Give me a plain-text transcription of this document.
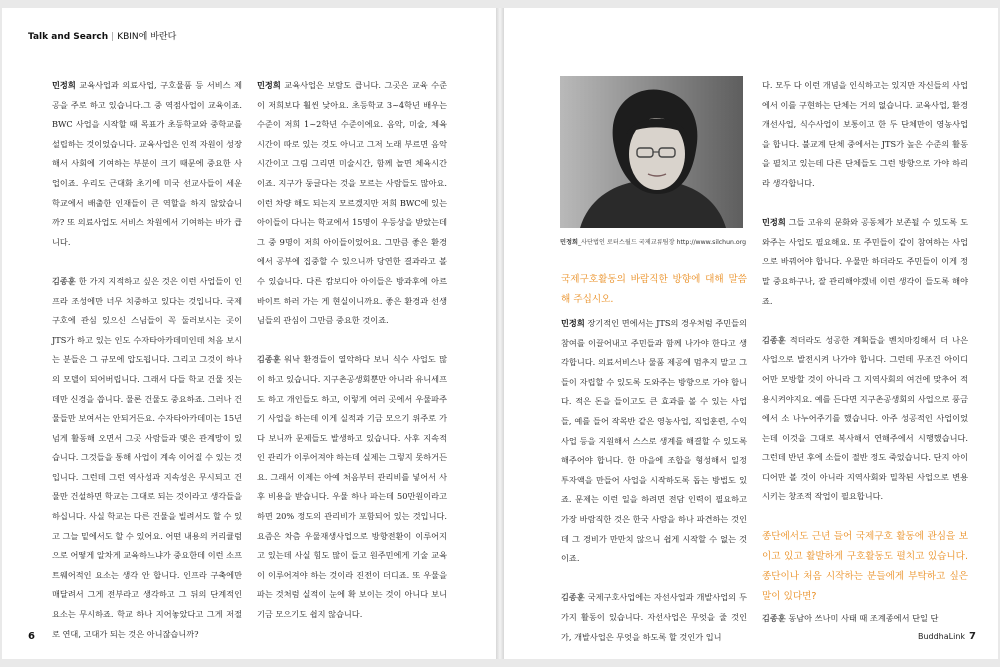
Talk and Search | KBIN에 바란다

민정희 교육사업과 의료사업, 구호물품 등 서비스 제공을 주로 하고 있습니다.그 중 역점사업이 교육이죠. BWC 사업을 시작할 때 목표가 초등학교와 중학교를 설립하는 것이었습니다. 교육사업은 인적 자원이 성장해서 사회에 기여하는 부분이 크기 때문에 중요한 사업이죠. 우리도 근대화 초기에 미국 선교사들이 세운 학교에서 배출한 인재들이 큰 역할을 하지 않았습니까? 또 의료사업도 서비스 차원에서 기여하는 바가 큽니다.

김종훈 한 가지 지적하고 싶은 것은 이런 사업들이 인프라 조성에만 너무 치중하고 있다는 것입니다. 국제구호에 관심 있으신 스님들이 꼭 둘러보시는 곳이 JTS가 하고 있는 인도 수자타아카데미인데 처음 보시는 분들은 그 규모에 압도됩니다. 그리고 그것이 하나의 모델이 되어버립니다. 그래서 다들 학교 건물 짓는 데만 신경을 씁니다. 물론 건물도 중요하죠. 그러나 건물들만 보여서는 안되거든요. 수자타아카데미는 15년 넘게 활동해 오면서 그곳 사람들과 맺은 관계망이 있습니다. 그것들을 통해 사업이 계속 이어질 수 있는 것입니다. 그런데 그런 역사성과 지속성은 무시되고 건물만 건설하면 학교는 그대로 되는 것이라고 생각들을 하십니다. 사실 학교는 다른 건물을 빌려서도 할 수 있고 그늘 밑에서도 할 수 있어요. 어떤 내용의 커리큘럼으로 어떻게 알차게 교육하느냐가 중요한데 이런 소프트웨어적인 요소는 생각 안 합니다. 인프라 구축에만 매달려서 그게 전부라고 생각하고 그 뒤의 단계적인 요소는 무시하죠. 학교 하나 지어놓았다고 그게 저절로 연대, 고대가 되는 것은 아니잖습니까?

민정희 교육사업은 보람도 큽니다. 그곳은 교육 수준이 저희보다 훨씬 낮아요. 초등학교 3~4학년 배우는 수준이 저희 1~2학년 수준이에요. 음악, 미술, 체육 시간이 따로 있는 것도 아니고 그저 노래 부르면 음악시간이고 그림 그리면 미술시간, 함께 놀면 체육시간이죠. 지구가 둥글다는 것을 모르는 사람들도 많아요. 이런 차량 해도 되는지 모르겠지만 저희 BWC에 있는 아이들이 다니는 학교에서 15명이 우등상을 받았는데 그 중 9명이 저희 아이들이었어요. 그만큼 좋은 환경에서 공부에 집중할 수 있으니까 당연한 결과라고 볼 수 있습니다. 다른 캄보디아 아이들은 방과후에 아르바이트 하러 가는 게 현실이니까요. 좋은 환경과 선생님들의 관심이 그만큼 중요한 것이죠.

김종훈 워낙 환경들이 열악하다 보니 식수 사업도 많이 하고 있습니다. 지구촌공생회뿐만 아니라 유니세프도 하고 개인들도 하고, 이렇게 여러 곳에서 우물파주기 사업을 하는데 이게 실적과 기금 모으기 위주로 가다 보니까 문제들도 발생하고 있습니다. 사후 지속적인 관리가 이루어져야 하는데 실제는 그렇지 못하거든요. 그래서 이제는 아예 처음부터 관리비를 넣어서 사후 비용을 받습니다. 우물 하나 파는데 50만원이라고 하면 20% 정도의 관리비가 포함되어 있는 것입니다. 요즘은 차츰 우물재생사업으로 방향전환이 이루어지고 있는데 사실 힘도 많이 들고 원주민에게 기술 교육이 이루어져야 하는 것이라 진전이 더디죠. 또 우물을 파는 것처럼 실적이 눈에 확 보이는 것이 아니다 보니 기금 모으기도 쉽지 않습니다.

6
민정희_사단법인 로터스월드 국제교류팀장 http://www.silchun.org

국제구호활동의 바람직한 방향에 대해 말씀해 주십시오.

민정희 장기적인 면에서는 JTS의 경우처럼 주민들의 참여를 이끌어내고 주민들과 함께 나가야 한다고 생각합니다. 의료서비스나 물품 제공에 멈추지 말고 그들이 자립할 수 있도록 도와주는 방향으로 가야 합니다. 적은 돈을 들이고도 큰 효과를 볼 수 있는 사업들, 예를 들어 작목반 같은 영농사업, 직업훈련, 수익사업 등을 지원해서 스스로 생계를 해결할 수 있도록 해주어야 합니다. 한 마을에 조합을 형성해서 일정 투자액을 만들어 사업을 시작하도록 돕는 방법도 있죠. 문제는 이런 일을 하려면 전담 인력이 필요하고 가장 바람직한 것은 한국 사람을 하나 파견하는 것인데 그 경비가 만만치 않으니 쉽게 시작할 수 없는 것이죠.

김종훈 국제구호사업에는 자선사업과 개발사업의 두 가지 활동이 있습니다. 자선사업은 무엇을 줄 것인가, 개발사업은 무엇을 하도록 할 것인가 입니

다. 모두 다 이런 개념을 인식하고는 있지만 자신들의 사업에서 이를 구현하는 단체는 거의 없습니다. 교육사업, 환경개선사업, 식수사업이 보통이고 한 두 단체만이 영농사업을 합니다. 불교계 단체 중에서는 JTS가 높은 수준의 활동을 펼치고 있는데 다른 단체들도 그런 방향으로 가야 하리라 생각합니다.

민정희 그들 고유의 문화와 공동체가 보존될 수 있도록 도와주는 사업도 필요해요. 또 주민들이 같이 참여하는 사업으로 바꿔어야 합니다. 우물만 하더라도 주민들이 이게 정말 중요하구나, 잘 관리해야겠네 이런 생각이 들도록 해야죠.

김종훈 적더라도 성공한 계획들을 벤치마킹해서 더 나은 사업으로 발전시켜 나가야 합니다. 그런데 무조건 아이디어만 모방할 것이 아니라 그 지역사회의 여건에 맞추어 적용시켜야지요. 예를 든다면 지구촌공생회의 사업으로 풍금에서 소 나누어주기를 했습니다. 아주 성공적인 사업이었는데 이것을 그대로 복사해서 연해주에서 시행했습니다. 그런데 반년 후에 소들이 절반 정도 죽었습니다. 단지 아이디어만 볼 것이 아니라 지역사회와 밀착된 사업으로 변용시키는 창조적 작업이 필요합니다.

종단에서도 근년 들어 국제구호 활동에 관심을 보이고 있고 활발하게 구호활동도 펼치고 있습니다. 종단이나 처음 시작하는 분들에게 부탁하고 싶은 말이 있다면?

김종훈 동남아 쓰나미 사태 때 조계종에서 단일 단

BuddhaLink 7
